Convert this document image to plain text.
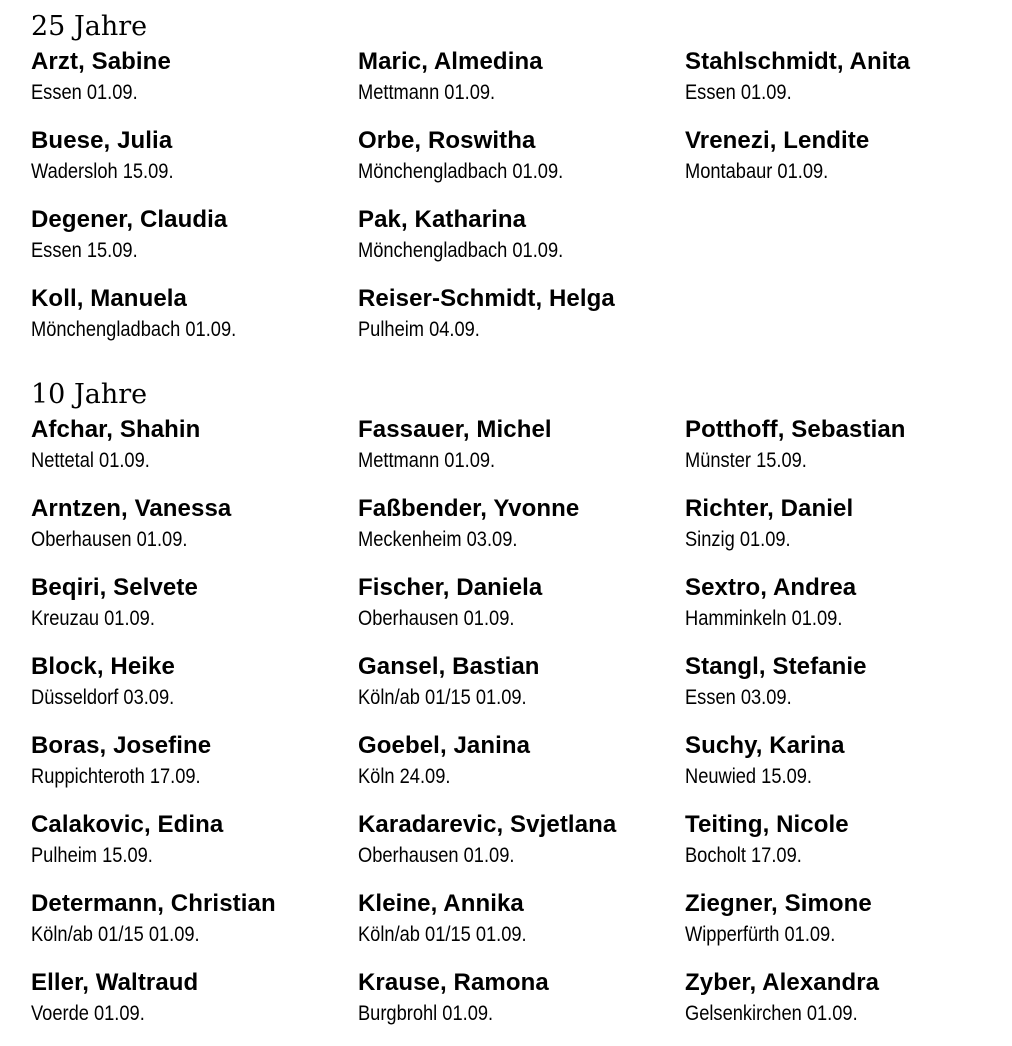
25 Jahre
Arzt, Sabine
Essen 01.09.
Buese, Julia
Wadersloh 15.09.
Degener, Claudia
Essen 15.09.
Koll, Manuela
Mönchengladbach 01.09.
Maric, Almedina
Mettmann 01.09.
Orbe, Roswitha
Mönchengladbach 01.09.
Pak, Katharina
Mönchengladbach 01.09.
Reiser-Schmidt, Helga
Pulheim 04.09.
Stahlschmidt, Anita
Essen 01.09.
Vrenezi, Lendite
Montabaur 01.09.
10 Jahre
Afchar, Shahin
Nettetal 01.09.
Arntzen, Vanessa
Oberhausen 01.09.
Beqiri, Selvete
Kreuzau 01.09.
Block, Heike
Düsseldorf 03.09.
Boras, Josefine
Ruppichteroth 17.09.
Calakovic, Edina
Pulheim 15.09.
Determann, Christian
Köln/ab 01/15 01.09.
Eller, Waltraud
Voerde 01.09.
Fassauer, Michel
Mettmann 01.09.
Faßbender, Yvonne
Meckenheim 03.09.
Fischer, Daniela
Oberhausen 01.09.
Gansel, Bastian
Köln/ab 01/15 01.09.
Goebel, Janina
Köln 24.09.
Karadarevic, Svjetlana
Oberhausen 01.09.
Kleine, Annika
Köln/ab 01/15 01.09.
Krause, Ramona
Burgbrohl 01.09.
Potthoff, Sebastian
Münster 15.09.
Richter, Daniel
Sinzig 01.09.
Sextro, Andrea
Hamminkeln 01.09.
Stangl, Stefanie
Essen 03.09.
Suchy, Karina
Neuwied 15.09.
Teiting, Nicole
Bocholt 17.09.
Ziegner, Simone
Wipperfürth 01.09.
Zyber, Alexandra
Gelsenkirchen 01.09.
